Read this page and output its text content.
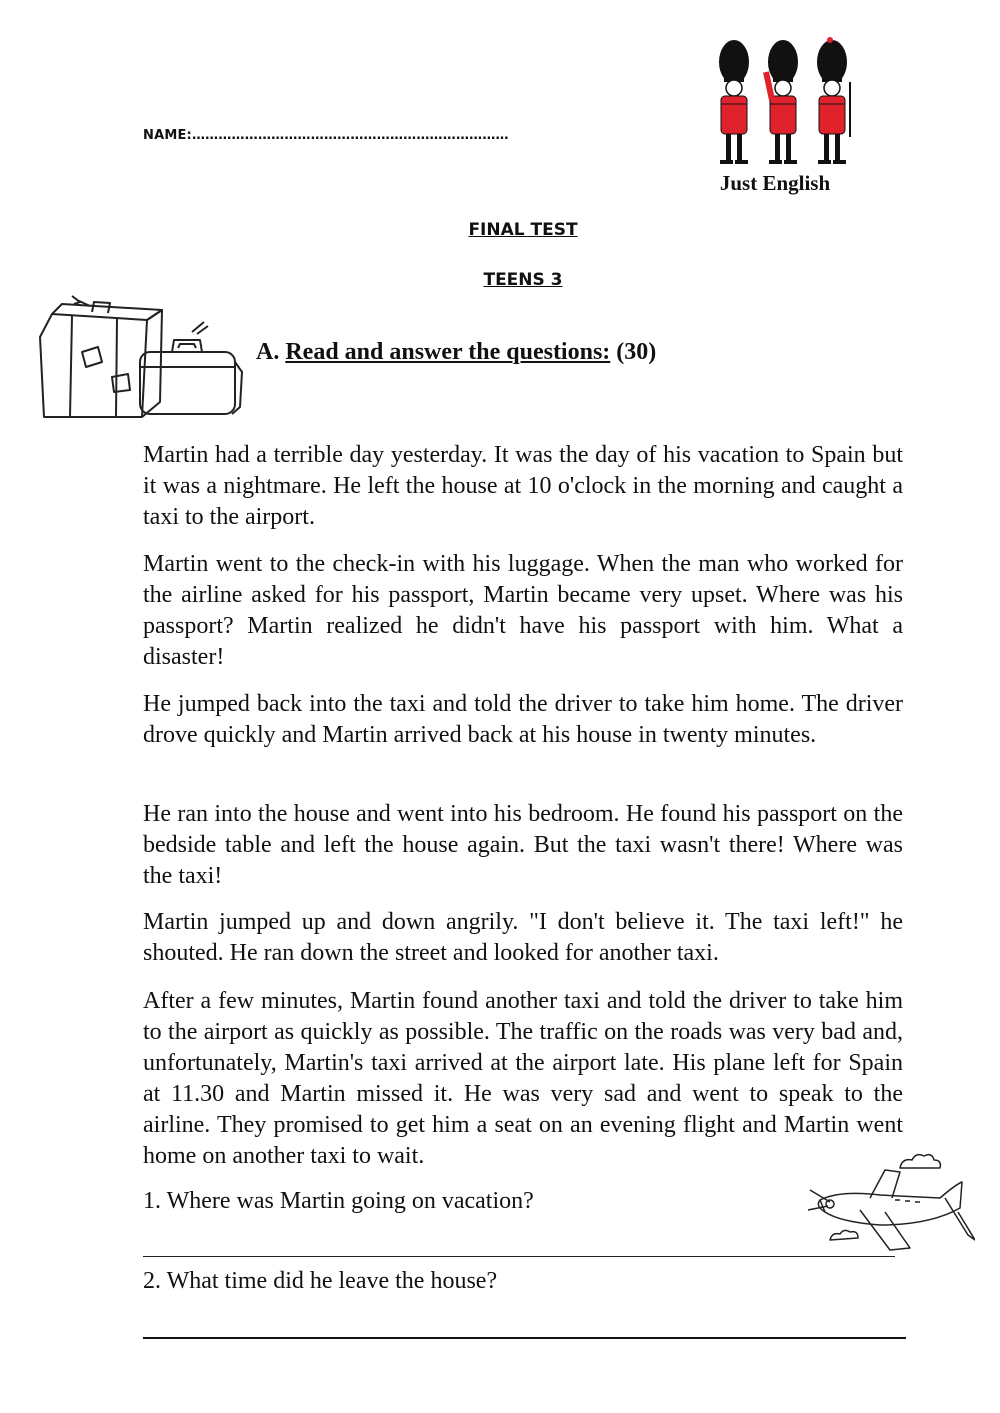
NAME:………………………………………………………………
Just English
FINAL TEST
TEENS 3
A. Read and answer the questions: (30)

Martin had a terrible day yesterday. It was the day of his vacation to Spain but it was a nightmare. He left the house at 10 o'clock in the morning and caught a taxi to the airport.

Martin went to the check-in with his luggage. When the man who worked for the airline asked for his passport, Martin became very upset. Where was his passport? Martin realized he didn't have his passport with him. What a disaster!

He jumped back into the taxi and told the driver to take him home. The driver drove quickly and Martin arrived back at his house in twenty minutes.

He ran into the house and went into his bedroom. He found his passport on the bedside table and left the house again. But the taxi wasn't there! Where was the taxi!

Martin jumped up and down angrily. "I don't believe it. The taxi left!" he shouted. He ran down the street and looked for another taxi.

After a few minutes, Martin found another taxi and told the driver to take him to the airport as quickly as possible. The traffic on the roads was very bad and, unfortunately, Martin's taxi arrived at the airport late. His plane left for Spain at 11.30 and Martin missed it. He was very sad and went to speak to the airline. They promised to get him a seat on an evening flight and Martin went home on another taxi to wait.

1. Where was Martin going on vacation?
2. What time did he leave the house?
